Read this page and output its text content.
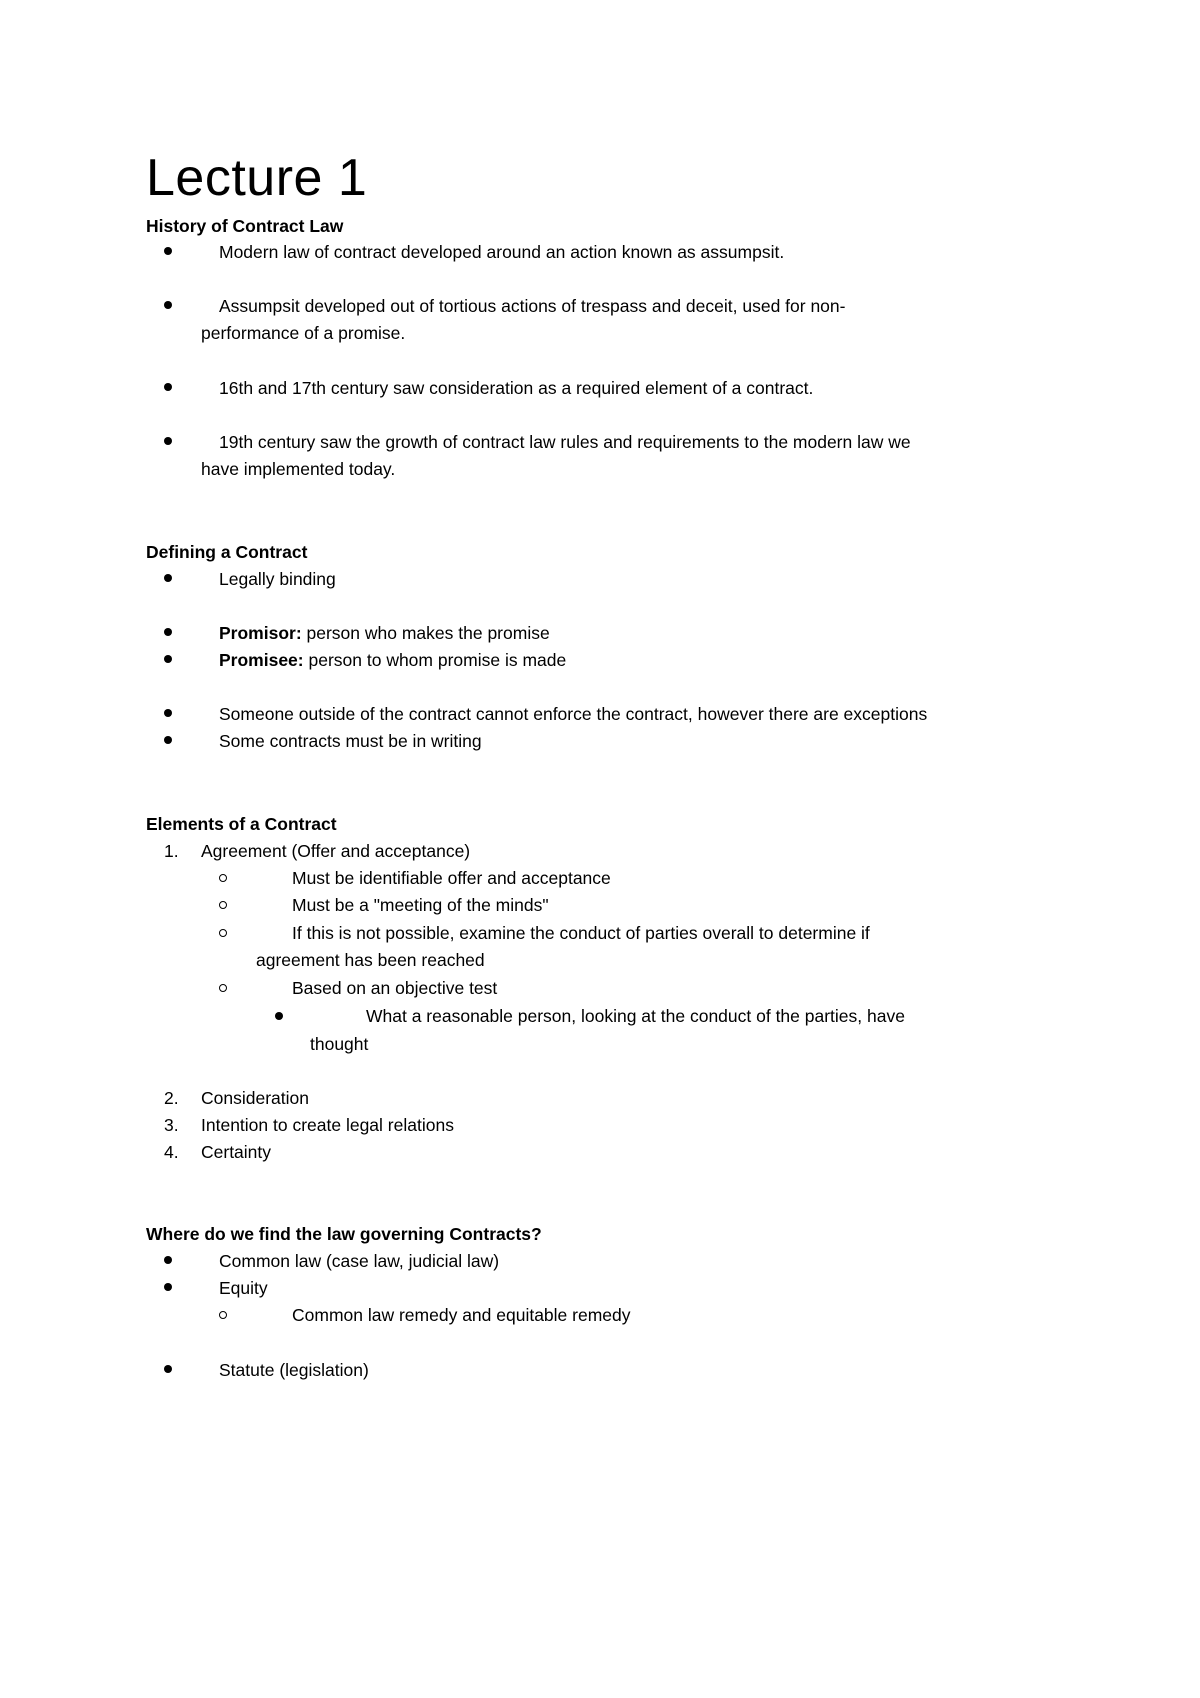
Lecture 1
History of Contract Law
Modern law of contract developed around an action known as assumpsit.
Assumpsit developed out of tortious actions of trespass and deceit, used for non-
performance of a promise.
16th and 17th century saw consideration as a required element of a contract.
19th century saw the growth of contract law rules and requirements to the modern law we
have implemented today.
Defining a Contract
Legally binding
Promisor: person who makes the promise
Promisee: person to whom promise is made
Someone outside of the contract cannot enforce the contract, however there are exceptions
Some contracts must be in writing
Elements of a Contract
1. Agreement (Offer and acceptance)
Must be identifiable offer and acceptance
Must be a "meeting of the minds"
If this is not possible, examine the conduct of parties overall to determine if
agreement has been reached
Based on an objective test
What a reasonable person, looking at the conduct of the parties, have
thought
2. Consideration
3. Intention to create legal relations
4. Certainty
Where do we find the law governing Contracts?
Common law (case law, judicial law)
Equity
Common law remedy and equitable remedy
Statute (legislation)
